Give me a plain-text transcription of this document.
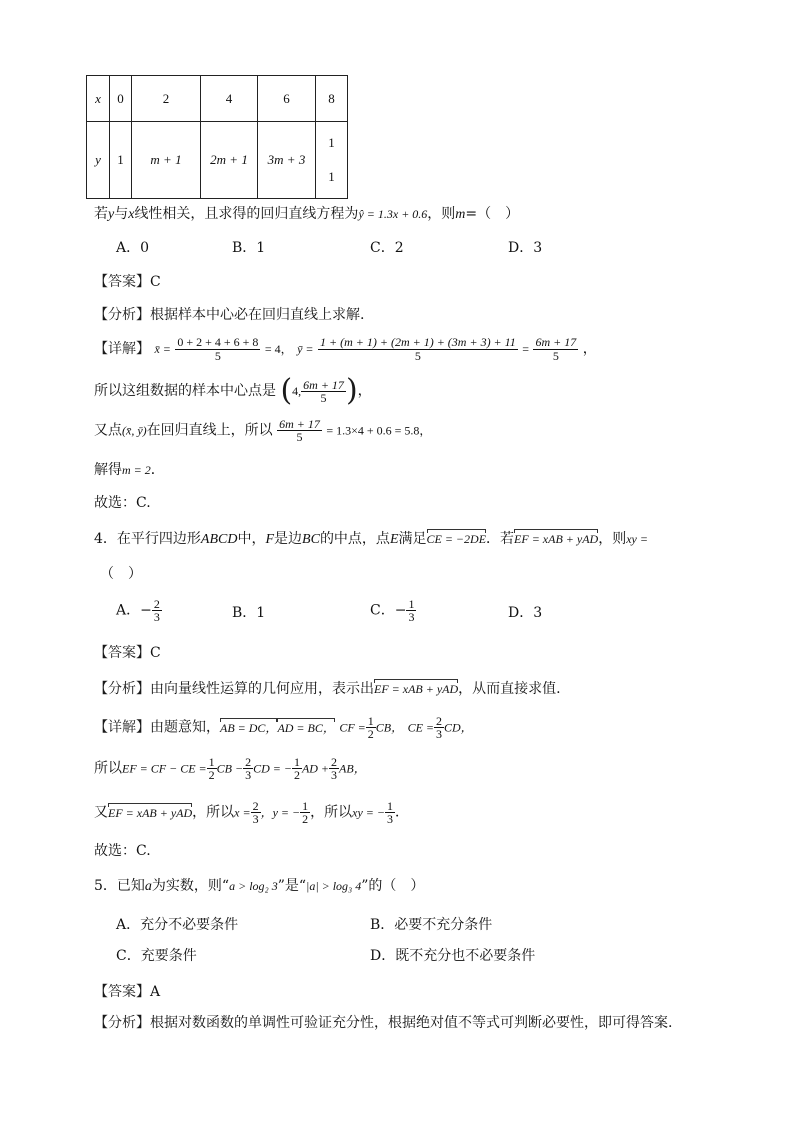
x	0	2	4	6	8
y	1	m + 1	2m + 1	3m + 3	1
1
若y与x线性相关，且求得的回归直线方程为ŷ = 1.3x + 0.6，则m=（　）
A．0	B．1	C．2	D．3
【答案】C
【分析】根据样本中心必在回归直线上求解.
【详解】 x̄ = $\frac{0 + 2 + 4 + 6 + 8}{5} = 4$， ȳ = $\frac{1 + (m + 1) + (2m + 1) + (3m + 3) + 11}{5} = \frac{6m + 17}{5}$ ，
所以这组数据的样本中心点是 (4, $\frac{6m + 17}{5}$ )，
又点(x̄, ȳ)在回归直线上，所以 $\frac{6m + 17}{5} = 1.3\times 4 + 0.6 = 5.8$，
解得m = 2．
故选：C.
4．在平行四边形ABCD中，F是边BC的中点，点E满足CE = −2DE．若EF = xAB + yAD，则xy =
（　）
A．− $\frac{2}{3}$	B．1	C．− $\frac{1}{3}$	D．3
【答案】C
【分析】由向量线性运算的几何应用，表示出EF = xAB + yAD，从而直接求值.
【详解】由题意知，AB = DC，AD = BC， CF = $\frac{1}{2}$ CB， CE = $\frac{2}{3}$ CD，
所以EF = CF − CE = $\frac{1}{2}$ CB − $\frac{2}{3}$ CD = − $\frac{1}{2}$ AD + $\frac{2}{3}$ AB，
又EF = xAB + yAD，所以$x = \frac{2}{3}$ ，y = − $\frac{1}{2}$ ，所以xy = − $\frac{1}{3}$ ．
故选：C.
5．已知a为实数，则“a > log₂ 3”是“|a| > log₃ 4”的（　）
A．充分不必要条件	B．必要不充分条件
C．充要条件	D．既不充分也不必要条件
【答案】A
【分析】根据对数函数的单调性可验证充分性，根据绝对值不等式可判断必要性，即可得答案.
